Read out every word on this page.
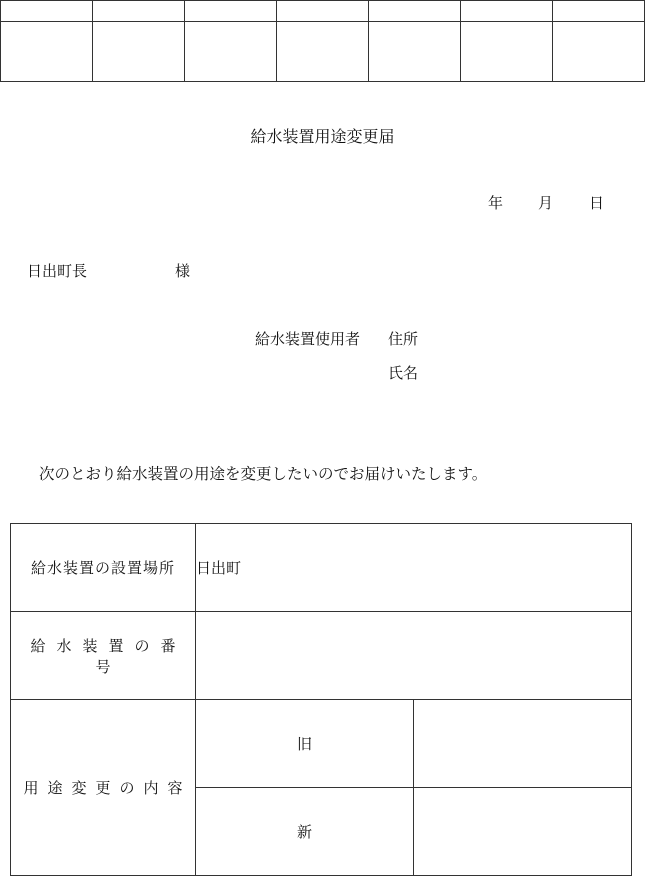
給水装置用途変更届
年 月 日
日出町長	様
給水装置使用者 住所
氏名
次のとおり給水装置の用途を変更したいのでお届けいたします。
給水装置の設置場所	日出町	
給水装置の番号		
用途変更の内容	旧	
	新	
